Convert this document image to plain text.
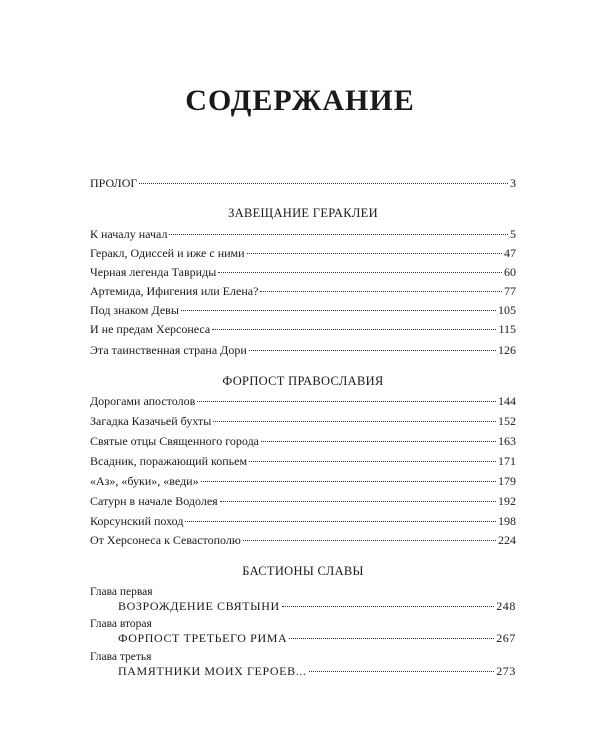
СОДЕРЖАНИЕ
ПРОЛОГ	3
ЗАВЕЩАНИЕ ГЕРАКЛЕИ
К началу начал	5
Геракл, Одиссей и иже с ними	47
Черная легенда Тавриды	60
Артемида, Ифигения или Елена?	77
Под знаком Девы	105
И не предам Херсонеса	115
Эта таинственная страна Дори	126
ФОРПОСТ ПРАВОСЛАВИЯ
Дорогами апостолов	144
Загадка Казачьей бухты	152
Святые отцы Священного города	163
Всадник, поражающий копьем	171
«Аз», «буки», «веди»	179
Сатурн в начале Водолея	192
Корсунский поход	198
От Херсонеса к Севастополю	224
БАСТИОНЫ СЛАВЫ
Глава первая
ВОЗРОЖДЕНИЕ СВЯТЫНИ	248
Глава вторая
ФОРПОСТ ТРЕТЬЕГО РИМА	267
Глава третья
ПАМЯТНИКИ МОИХ ГЕРОЕВ...	273
